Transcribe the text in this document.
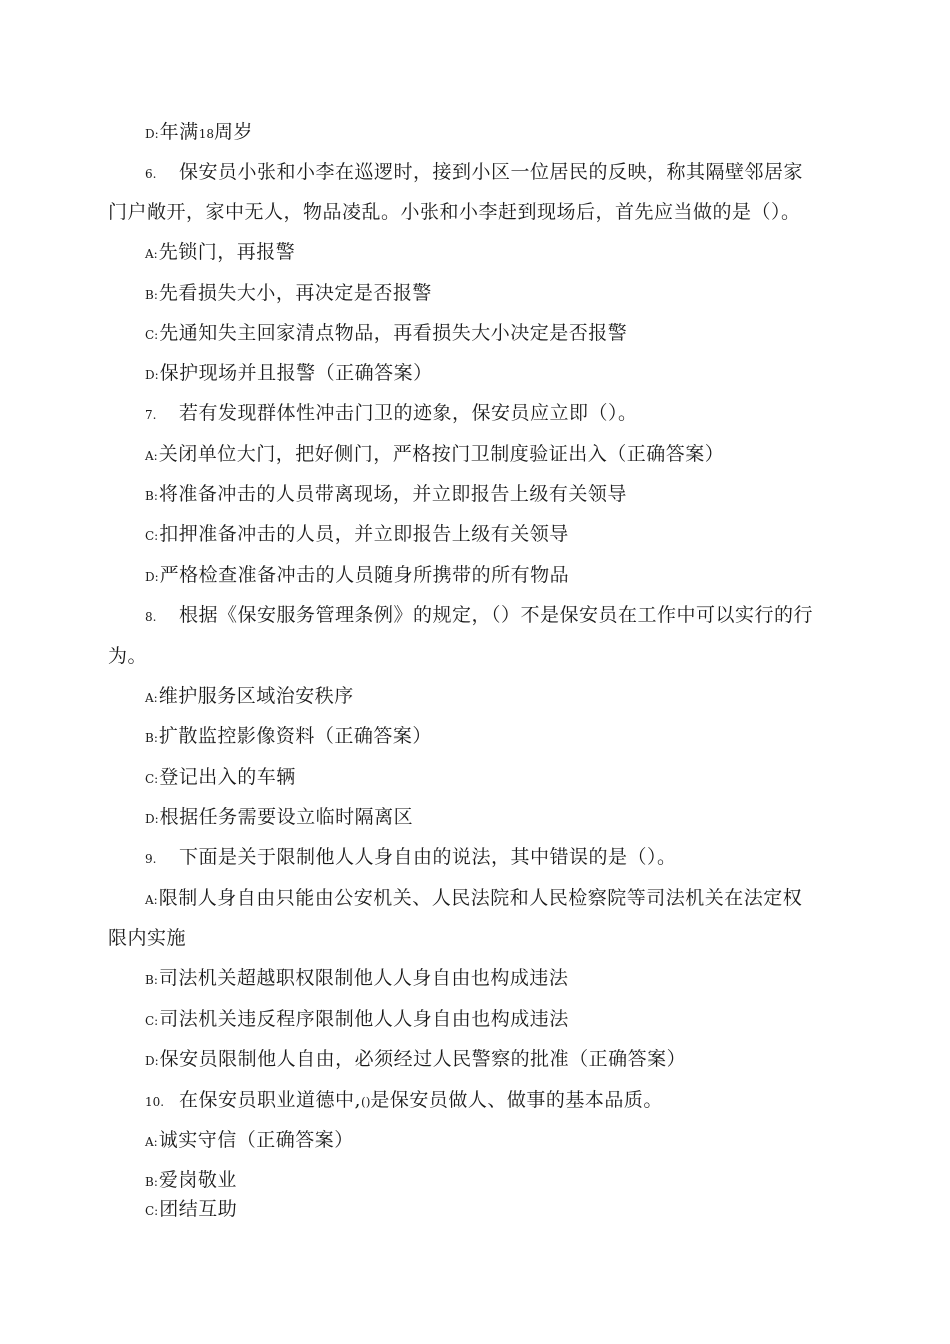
D:年满18周岁
6. 保安员小张和小李在巡逻时，接到小区一位居民的反映，称其隔壁邻居家
门户敞开，家中无人，物品凌乱。小张和小李赶到现场后，首先应当做的是（）。
A:先锁门，再报警
B:先看损失大小，再决定是否报警
C:先通知失主回家清点物品，再看损失大小决定是否报警
D:保护现场并且报警（正确答案）
7. 若有发现群体性冲击门卫的迹象，保安员应立即（）。
A:关闭单位大门，把好侧门，严格按门卫制度验证出入（正确答案）
B:将准备冲击的人员带离现场，并立即报告上级有关领导
C:扣押准备冲击的人员，并立即报告上级有关领导
D:严格检查准备冲击的人员随身所携带的所有物品
8. 根据《保安服务管理条例》的规定，（）不是保安员在工作中可以实行的行
为。
A:维护服务区域治安秩序
B:扩散监控影像资料（正确答案）
C:登记出入的车辆
D:根据任务需要设立临时隔离区
9. 下面是关于限制他人人身自由的说法，其中错误的是（）。
A:限制人身自由只能由公安机关、人民法院和人民检察院等司法机关在法定权
限内实施
B:司法机关超越职权限制他人人身自由也构成违法
C:司法机关违反程序限制他人人身自由也构成违法
D:保安员限制他人自由，必须经过人民警察的批准（正确答案）
10. 在保安员职业道德中,()是保安员做人、做事的基本品质。
A:诚实守信（正确答案）
B:爱岗敬业
C:团结互助
